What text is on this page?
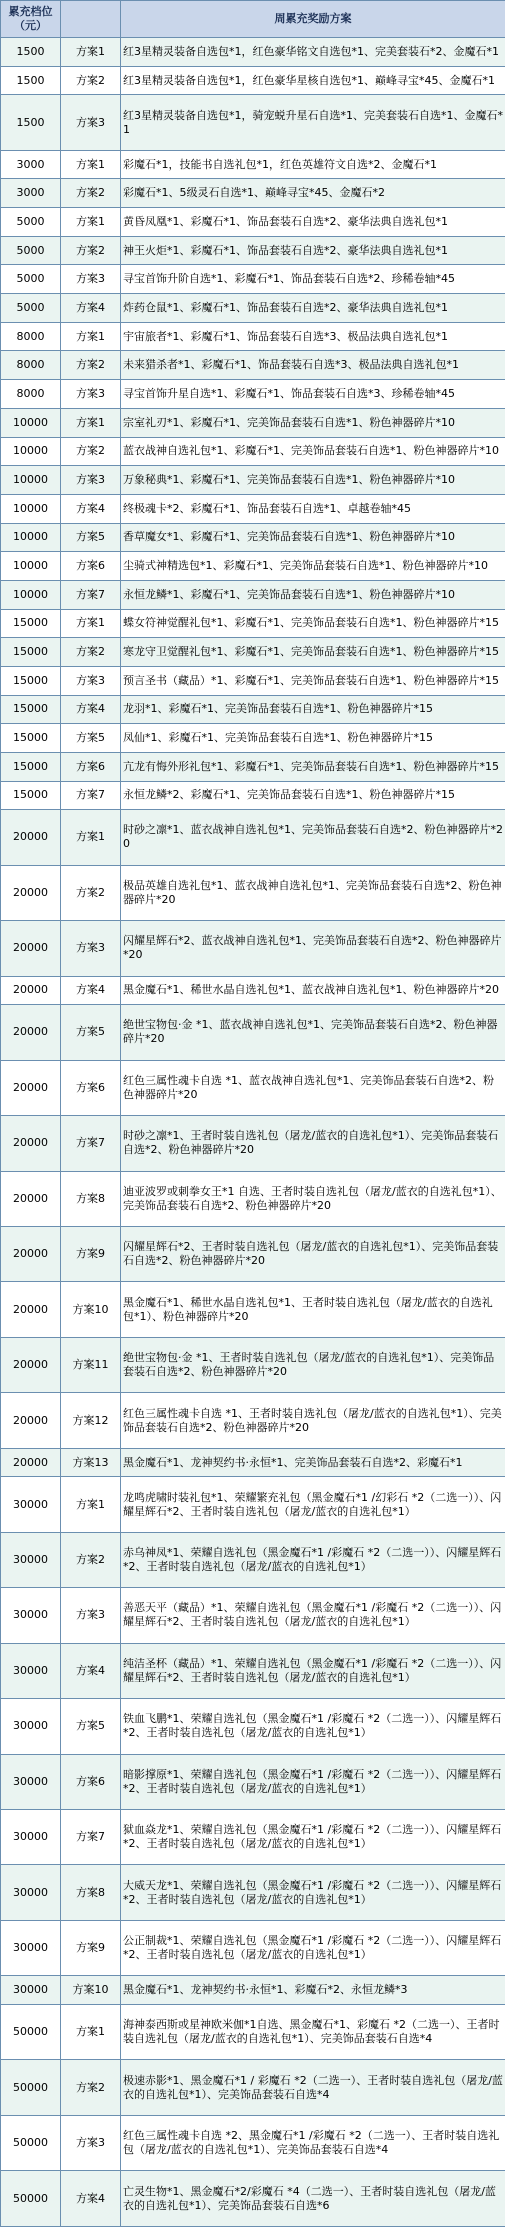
累充档位（元）		周累充奖励方案
1500	方案1	红3星精灵装备自选包*1，红色豪华铭文自选包*1、完美套装石*2、金魔石*1
1500	方案2	红3星精灵装备自选包*1，红色豪华星核自选包*1、巅峰寻宝*45、金魔石*1
1500	方案3	红3星精灵装备自选包*1，骑宠蜕升星石自选*1、完美套装石自选*1、金魔石*1
3000	方案1	彩魔石*1，技能书自选礼包*1，红色英雄符文自选*2、金魔石*1
3000	方案2	彩魔石*1、5级灵石自选*1、巅峰寻宝*45、金魔石*2
5000	方案1	黄昏凤凰*1、彩魔石*1、饰品套装石自选*2、豪华法典自选礼包*1
5000	方案2	神王火炬*1、彩魔石*1、饰品套装石自选*2、豪华法典自选礼包*1
5000	方案3	寻宝首饰升阶自选*1、彩魔石*1、饰品套装石自选*2、珍稀卷轴*45
5000	方案4	炸药仓鼠*1、彩魔石*1、饰品套装石自选*2、豪华法典自选礼包*1
8000	方案1	宇宙旅者*1、彩魔石*1、饰品套装石自选*3、极品法典自选礼包*1
8000	方案2	未来猎杀者*1、彩魔石*1、饰品套装石自选*3、极品法典自选礼包*1
8000	方案3	寻宝首饰升星自选*1、彩魔石*1、饰品套装石自选*3、珍稀卷轴*45
10000	方案1	宗室礼刃*1、彩魔石*1、完美饰品套装石自选*1、粉色神器碎片*10
10000	方案2	蓝衣战神自选礼包*1、彩魔石*1、完美饰品套装石自选*1、粉色神器碎片*10
10000	方案3	万象秘典*1、彩魔石*1、完美饰品套装石自选*1、粉色神器碎片*10
10000	方案4	终极魂卡*2、彩魔石*1、饰品套装石自选*1、卓越卷轴*45
10000	方案5	香草魔女*1、彩魔石*1、完美饰品套装石自选*1、粉色神器碎片*10
10000	方案6	尘骑式神精选包*1、彩魔石*1、完美饰品套装石自选*1、粉色神器碎片*10
10000	方案7	永恒龙鳞*1、彩魔石*1、完美饰品套装石自选*1、粉色神器碎片*10
15000	方案1	蝶女符神觉醒礼包*1、彩魔石*1、完美饰品套装石自选*1、粉色神器碎片*15
15000	方案2	寒龙守卫觉醒礼包*1、彩魔石*1、完美饰品套装石自选*1、粉色神器碎片*15
15000	方案3	预言圣书（藏品）*1、彩魔石*1、完美饰品套装石自选*1、粉色神器碎片*15
15000	方案4	龙羽*1、彩魔石*1、完美饰品套装石自选*1、粉色神器碎片*15
15000	方案5	凤仙*1、彩魔石*1、完美饰品套装石自选*1、粉色神器碎片*15
15000	方案6	亢龙有悔外形礼包*1、彩魔石*1、完美饰品套装石自选*1、粉色神器碎片*15
15000	方案7	永恒龙鳞*2、彩魔石*1、完美饰品套装石自选*1、粉色神器碎片*15
20000	方案1	时砂之凛*1、蓝衣战神自选礼包*1、完美饰品套装石自选*2、粉色神器碎片*20
20000	方案2	极品英雄自选礼包*1、蓝衣战神自选礼包*1、完美饰品套装石自选*2、粉色神器碎片*20
20000	方案3	闪耀星辉石*2、蓝衣战神自选礼包*1、完美饰品套装石自选*2、粉色神器碎片*20
20000	方案4	黑金魔石*1、稀世水晶自选礼包*1、蓝衣战神自选礼包*1、粉色神器碎片*20
20000	方案5	绝世宝物包·金 *1、蓝衣战神自选礼包*1、完美饰品套装石自选*2、粉色神器碎片*20
20000	方案6	红色三属性魂卡自选 *1、蓝衣战神自选礼包*1、完美饰品套装石自选*2、粉色神器碎片*20
20000	方案7	时砂之凛*1、王者时装自选礼包（屠龙/蓝衣的自选礼包*1）、完美饰品套装石自选*2、粉色神器碎片*20
20000	方案8	迪亚波罗或刺拳女王*1 自选、王者时装自选礼包（屠龙/蓝衣的自选礼包*1）、完美饰品套装石自选*2、粉色神器碎片*20
20000	方案9	闪耀星辉石*2、王者时装自选礼包（屠龙/蓝衣的自选礼包*1）、完美饰品套装石自选*2、粉色神器碎片*20
20000	方案10	黑金魔石*1、稀世水晶自选礼包*1、王者时装自选礼包（屠龙/蓝衣的自选礼包*1）、粉色神器碎片*20
20000	方案11	绝世宝物包·金 *1、王者时装自选礼包（屠龙/蓝衣的自选礼包*1）、完美饰品套装石自选*2、粉色神器碎片*20
20000	方案12	红色三属性魂卡自选 *1、王者时装自选礼包（屠龙/蓝衣的自选礼包*1）、完美饰品套装石自选*2、粉色神器碎片*20
20000	方案13	黑金魔石*1、龙神契约书·永恒*1、完美饰品套装石自选*2、彩魔石*1
30000	方案1	龙鸣虎啸时装礼包*1、荣耀繁充礼包（黑金魔石*1 /幻彩石 *2（二选一））、闪耀星辉石*2、王者时装自选礼包（屠龙/蓝衣的自选礼包*1）
30000	方案2	赤乌神凤*1、荣耀自选礼包（黑金魔石*1 /彩魔石 *2（二选一））、闪耀星辉石*2、王者时装自选礼包（屠龙/蓝衣的自选礼包*1）
30000	方案3	善恶天平（藏品）*1、荣耀自选礼包（黑金魔石*1 /彩魔石 *2（二选一））、闪耀星辉石*2、王者时装自选礼包（屠龙/蓝衣的自选礼包*1）
30000	方案4	纯洁圣杯（藏品）*1、荣耀自选礼包（黑金魔石*1 /彩魔石 *2（二选一））、闪耀星辉石*2、王者时装自选礼包（屠龙/蓝衣的自选礼包*1）
30000	方案5	铁血飞鹏*1、荣耀自选礼包（黑金魔石*1 /彩魔石 *2（二选一））、闪耀星辉石*2、王者时装自选礼包（屠龙/蓝衣的自选礼包*1）
30000	方案6	暗影撑原*1、荣耀自选礼包（黑金魔石*1 /彩魔石 *2（二选一））、闪耀星辉石*2、王者时装自选礼包（屠龙/蓝衣的自选礼包*1）
30000	方案7	狱血焱龙*1、荣耀自选礼包（黑金魔石*1 /彩魔石 *2（二选一））、闪耀星辉石*2、王者时装自选礼包（屠龙/蓝衣的自选礼包*1）
30000	方案8	大威天龙*1、荣耀自选礼包（黑金魔石*1 /彩魔石 *2（二选一））、闪耀星辉石*2、王者时装自选礼包（屠龙/蓝衣的自选礼包*1）
30000	方案9	公正制裁*1、荣耀自选礼包（黑金魔石*1 /彩魔石 *2（二选一））、闪耀星辉石*2、王者时装自选礼包（屠龙/蓝衣的自选礼包*1）
30000	方案10	黑金魔石*1、龙神契约书·永恒*1、彩魔石*2、永恒龙鳞*3
50000	方案1	海神泰西斯或星神欧米伽*1自选、黑金魔石*1、彩魔石 *2（二选一）、王者时装自选礼包（屠龙/蓝衣的自选礼包*1）、完美饰品套装石自选*4
50000	方案2	极速赤影*1、黑金魔石*1 / 彩魔石 *2（二选一）、王者时装自选礼包（屠龙/蓝衣的自选礼包*1）、完美饰品套装石自选*4
50000	方案3	红色三属性魂卡自选 *2、黑金魔石*1 /彩魔石 *2（二选一）、王者时装自选礼包（屠龙/蓝衣的自选礼包*1）、完美饰品套装石自选*4
50000	方案4	亡灵生物*1、黑金魔石*2/彩魔石 *4（二选一）、王者时装自选礼包（屠龙/蓝衣的自选礼包*1）、完美饰品套装石自选*6
